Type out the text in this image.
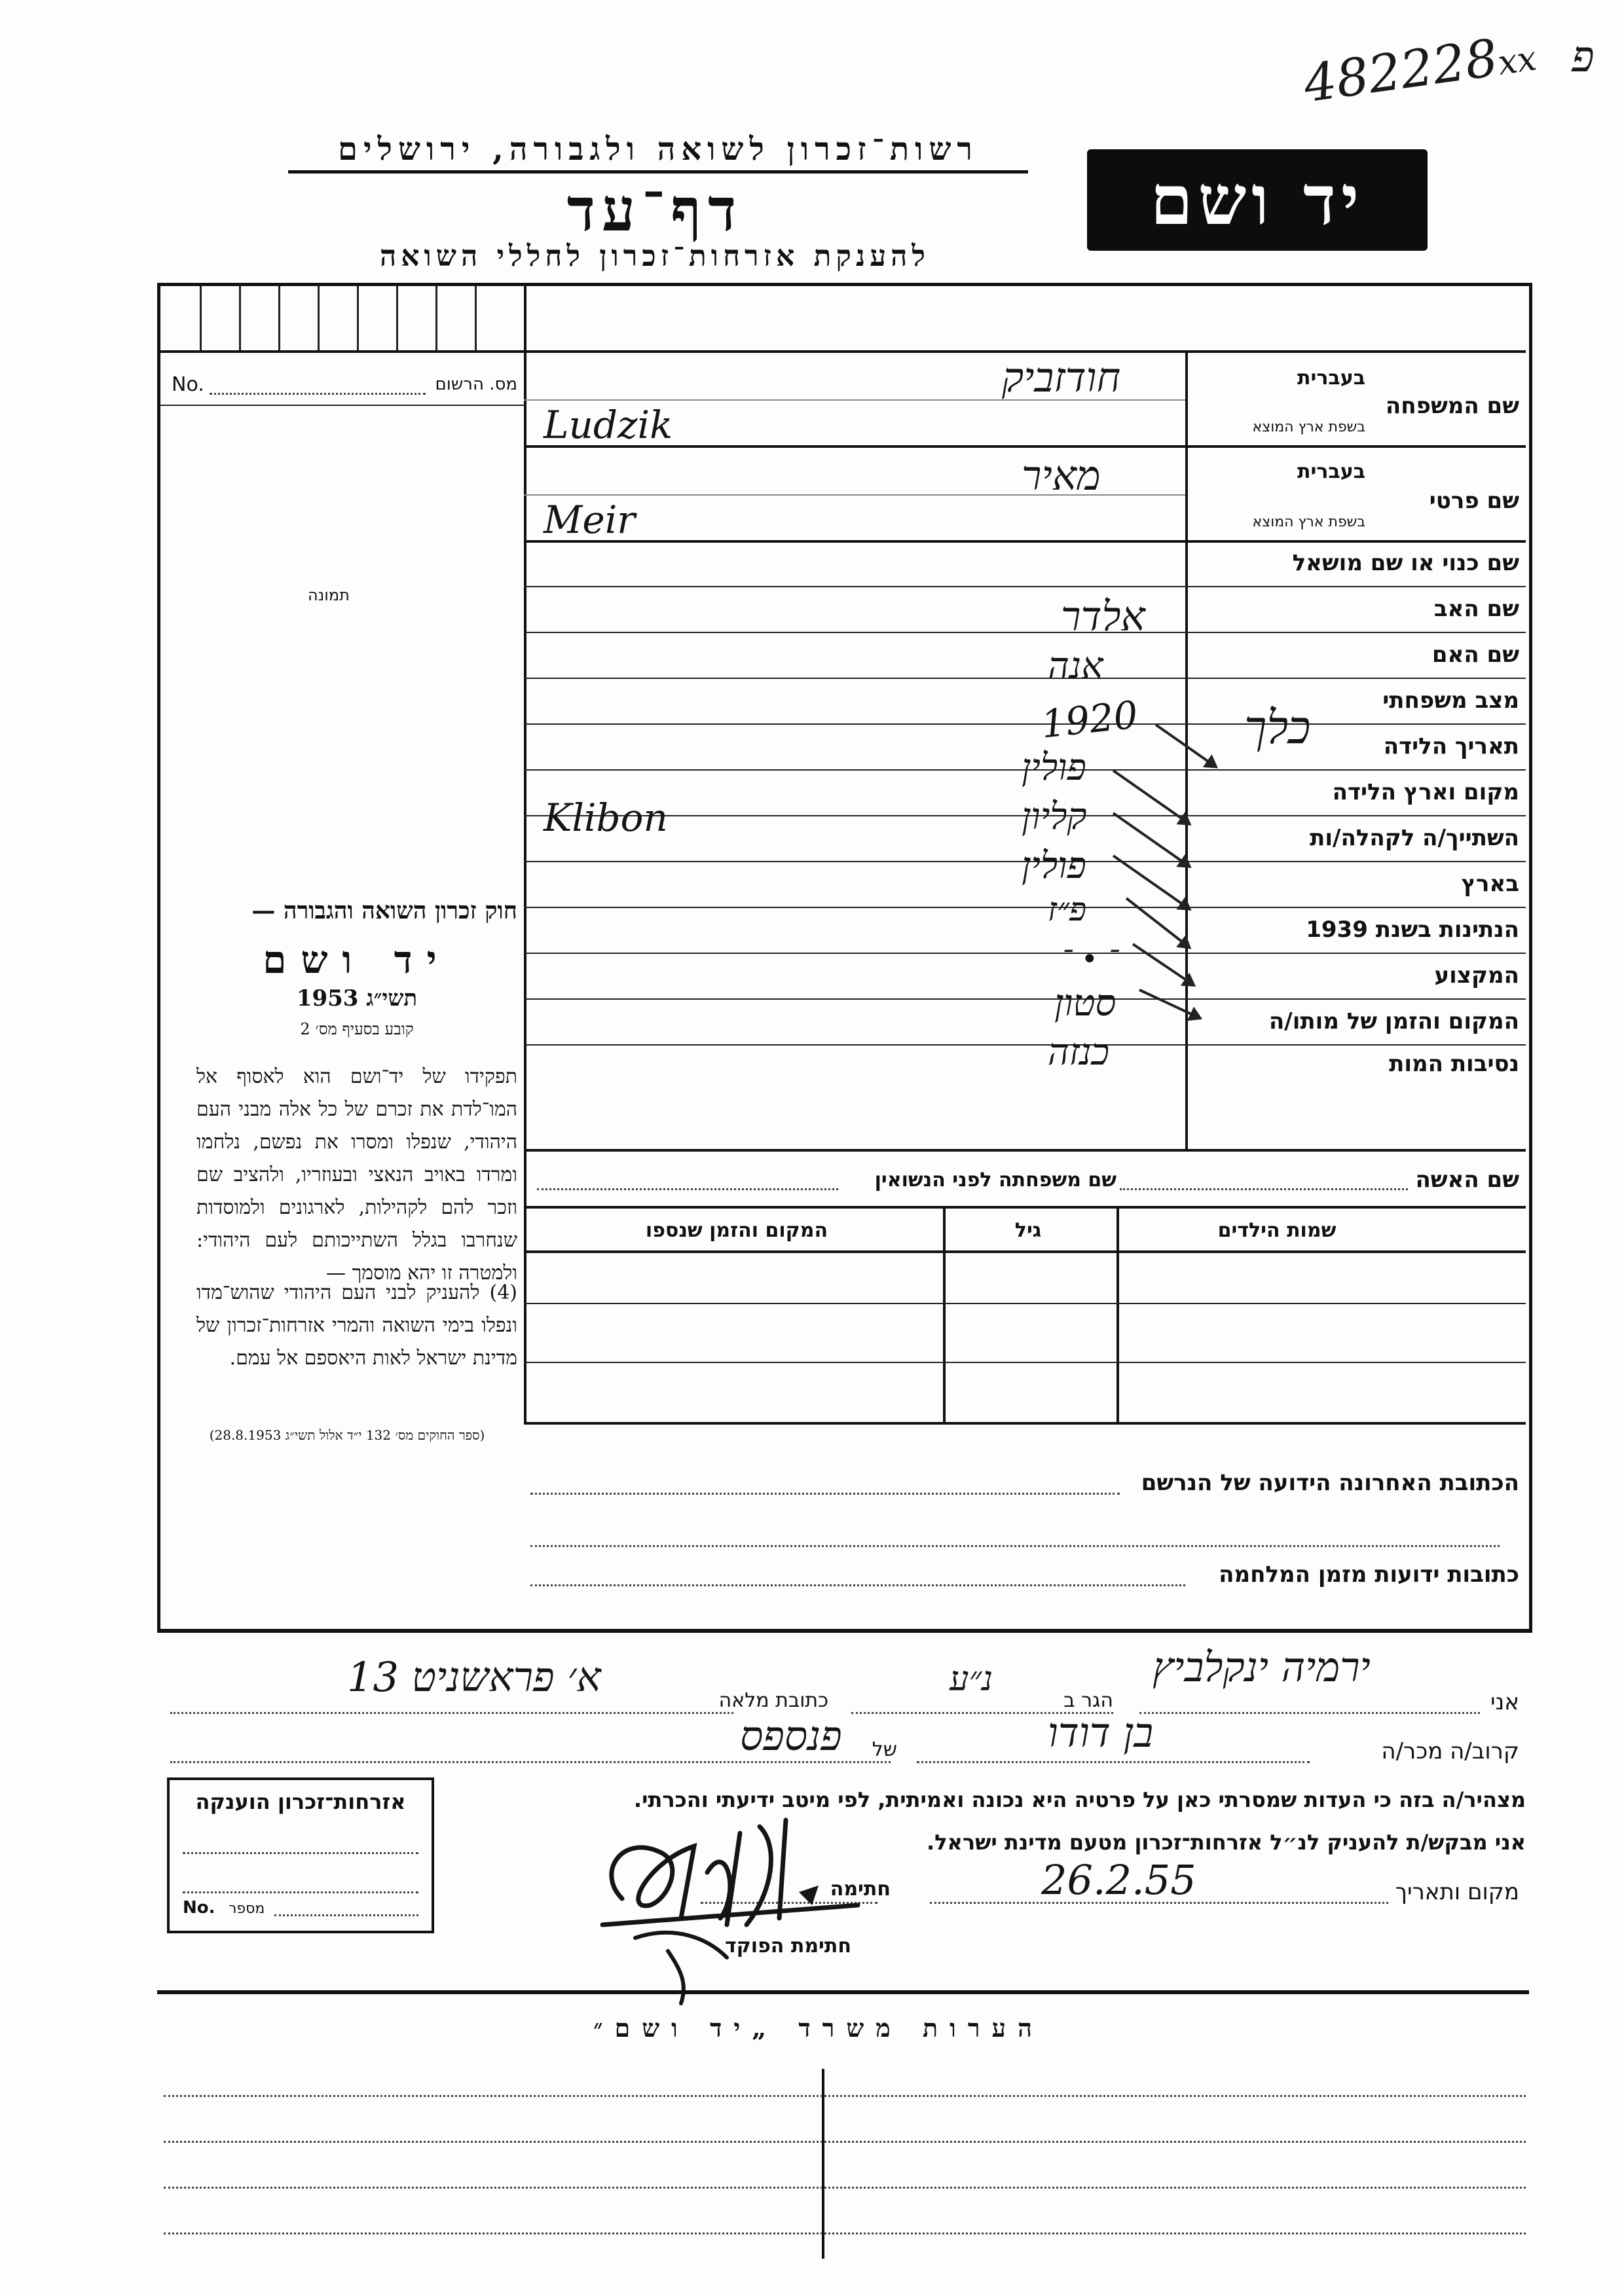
482228xx פ
רשות־זכרון לשואה ולגבורה, ירושלים
דף־עד
להענקת אזרחות־זכרון לחללי השואה
יד ושם
No.	מס. הרשום
תמונה
חוק זכרון השואה והגבורה —
יד ושם
תשי״ג 1953
קובע בסעיף מס׳ 2
תפקידו של יד־ושם הוא לאסוף אל המו־לדת את זכרם של כל אלה מבני העם היהודי, שנפלו ומסרו את נפשם, נלחמו ומרדו באויב הנאצי ובעוזריו, ולהציב שם וזכר להם לקהילות, לארגונים ולמוסדות שנחרבו בגלל השתייכותם לעם היהודי: ולמטרה זו יהא מוסמך —
(4) להעניק לבני העם היהודי שהוש־מדו ונפלו בימי השואה והמרי אזרחות־זכרון של מדינת ישראל לאות היאספם אל עמם.
(ספר החוקים מס׳ 132 י״ד אלול תשי״ג 28.8.1953)
שם המשפחה
בעברית
בשפת ארץ המוצא
חודזביק
Ludzik
שם פרטי
בעברית
בשפת ארץ המוצא
מאיר
Meir
שם כנוי או שם מושאל
שם האב
אלדר
שם האם
אנה
מצב משפחתי
כלך	תאריך הלידה
1920
מקום וארץ הלידה
פולין
השתייך/ה לקהלה/ות
קליון
Klibon
בארץ
פולין
הנתינות בשנת 1939
פ״ז
המקצוע
־ • ־
המקום והזמן של מותו/ה
סטון
נסיבות המות
כנזה
שם האשה
שם משפחתה לפני הנשואין
שמות הילדים
גיל
המקום והזמן שנספו
הכתובת האחרונה הידועה של הנרשם
כתובות ידועות מזמן המלחמה
אני
ירמיה ינקלביץ
הגר ב
נ״ע
כתובת מלאה
א׳ פראשניט 13
קרוב/ה מכר/ה
בן דודו
של
פנספס
מצהיר/ה בזה כי העדות שמסרתי כאן על פרטיה היא נכונה ואמיתית, לפי מיטב ידיעתי והכרתי.
אני מבקש/ת להעניק לנ״ל אזרחות־זכרון מטעם מדינת ישראל.
מקום ותאריך
26.2.55
חתימה
חתימת הפוקד
אזרחות־זכרון הוענקה
No. מספר
הערות משרד „יד ושם״
